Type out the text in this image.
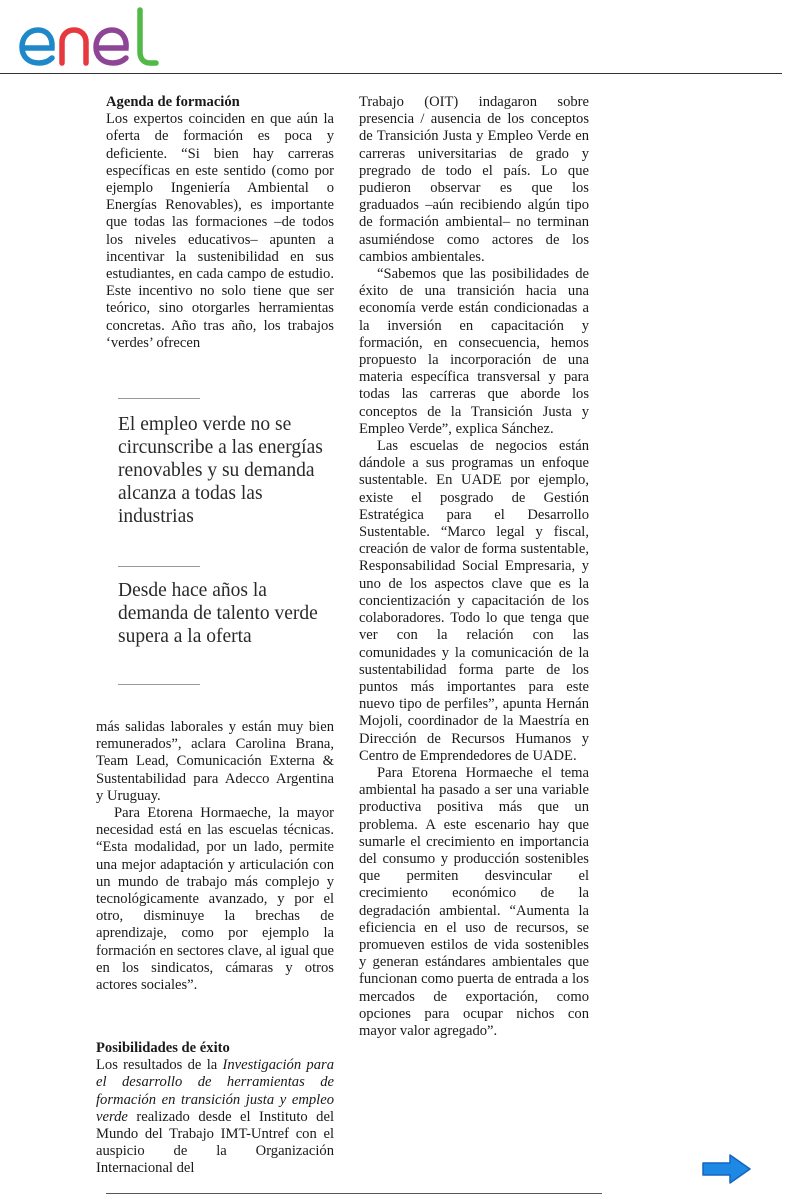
Agenda de formación

Los expertos coinciden en que aún la oferta de formación es poca y deficiente. “Si bien hay carreras específicas en este sentido (como por ejemplo Ingeniería Ambiental o Energías Renovables), es importante que todas las formaciones –de todos los niveles educativos– apunten a incentivar la sustenibilidad en sus estudiantes, en cada campo de estudio. Este incentivo no solo tiene que ser teórico, sino otorgarles herramientas concretas. Año tras año, los trabajos ‘verdes’ ofrecen

El empleo verde no se circunscribe a las energías renovables y su demanda alcanza a todas las industrias
Desde hace años la demanda de talento verde supera a la oferta

más salidas laborales y están muy bien remunerados”, aclara Carolina Brana, Team Lead, Comunicación Externa & Sustentabilidad para Adecco Argentina y Uruguay.

Para Etorena Hormaeche, la mayor necesidad está en las escuelas técnicas. “Esta modalidad, por un lado, permite una mejor adaptación y articulación con un mundo de trabajo más complejo y tecnológicamente avanzado, y por el otro, disminuye la brechas de aprendizaje, como por ejemplo la formación en sectores clave, al igual que en los sindicatos, cámaras y otros actores sociales”.

Posibilidades de éxito

Los resultados de la Investigación para el desarrollo de herramientas de formación en transición justa y empleo verde realizado desde el Instituto del Mundo del Trabajo IMT-Untref con el auspicio de la Organización Internacional del

Trabajo (OIT) indagaron sobre presencia / ausencia de los conceptos de Transición Justa y Empleo Verde en carreras universitarias de grado y pregrado de todo el país. Lo que pudieron observar es que los graduados –aún recibiendo algún tipo de formación ambiental– no terminan asumiéndose como actores de los cambios ambientales.

“Sabemos que las posibilidades de éxito de una transición hacia una economía verde están condicionadas a la inversión en capacitación y formación, en consecuencia, hemos propuesto la incorporación de una materia específica transversal y para todas las carreras que aborde los conceptos de la Transición Justa y Empleo Verde”, explica Sánchez.

Las escuelas de negocios están dándole a sus programas un enfoque sustentable. En UADE por ejemplo, existe el posgrado de Gestión Estratégica para el Desarrollo Sustentable. “Marco legal y fiscal, creación de valor de forma sustentable, Responsabilidad Social Empresaria, y uno de los aspectos clave que es la concientización y capacitación de los colaboradores. Todo lo que tenga que ver con la relación con las comunidades y la comunicación de la sustentabilidad forma parte de los puntos más importantes para este nuevo tipo de perfiles”, apunta Hernán Mojoli, coordinador de la Maestría en Dirección de Recursos Humanos y Centro de Emprendedores de UADE.

Para Etorena Hormaeche el tema ambiental ha pasado a ser una variable productiva positiva más que un problema. A este escenario hay que sumarle el crecimiento en importancia del consumo y producción sostenibles que permiten desvincular el crecimiento económico de la degradación ambiental. “Aumenta la eficiencia en el uso de recursos, se promueven estilos de vida sostenibles y generan estándares ambientales que funcionan como puerta de entrada a los mercados de exportación, como opciones para ocupar nichos con mayor valor agregado”.
